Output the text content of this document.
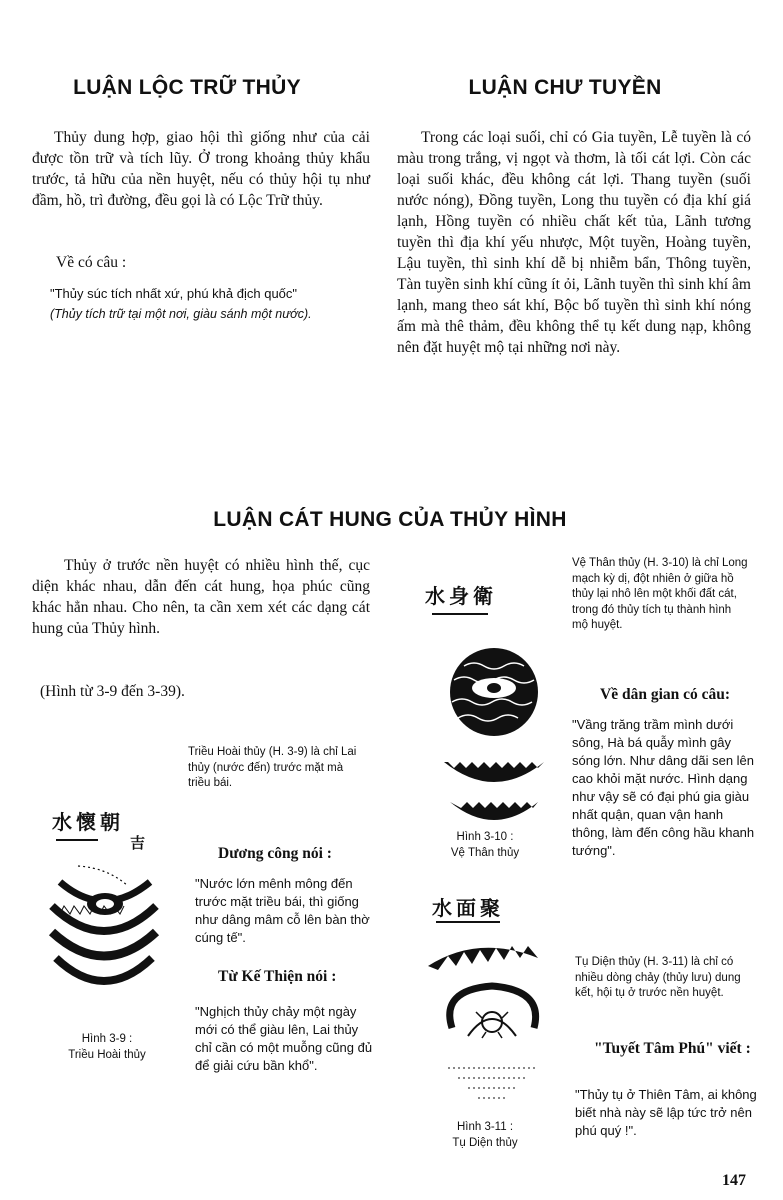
LUẬN LỘC TRỮ THỦY

Thủy dung hợp, giao hội thì giống như của cải được tồn trữ và tích lũy. Ở trong khoảng thủy khẩu trước, tả hữu của nền huyệt, nếu có thủy hội tụ như đầm, hồ, trì đường, đều gọi là có Lộc Trữ thủy.

Về có câu :

"Thủy súc tích nhất xứ, phú khả địch quốc"

(Thủy tích trữ tại một nơi, giàu sánh một nước).

LUẬN CHƯ TUYỀN

Trong các loại suối, chỉ có Gia tuyền, Lễ tuyền là có màu trong trắng, vị ngọt và thơm, là tối cát lợi. Còn các loại suối khác, đều không cát lợi. Thang tuyền (suối nước nóng), Đồng tuyền, Long thu tuyền có địa khí giá lạnh, Hồng tuyền có nhiều chất kết tủa, Lãnh tương tuyền thì địa khí yếu nhược, Một tuyền, Hoàng tuyền, Lậu tuyền, thì sinh khí dễ bị nhiễm bẩn, Thông tuyền, Tàn tuyền sinh khí cũng ít ỏi, Lãnh tuyền thì sinh khí âm lạnh, mang theo sát khí, Bộc bố tuyền thì sinh khí nóng ấm mà thê thảm, đều không thể tụ kết dung nạp, không nên đặt huyệt mộ tại những nơi này.

LUẬN CÁT HUNG CỦA THỦY HÌNH

Thủy ở trước nền huyệt có nhiều hình thế, cục diện khác nhau, dẫn đến cát hung, họa phúc cũng khác hẳn nhau. Cho nên, ta cần xem xét các dạng cát hung của Thủy hình.

(Hình từ 3-9 đến 3-39).

Triều Hoài thủy (H. 3-9) là chỉ Lai thủy (nước đến) trước mặt mà triều bái.

水懷朝
吉
Hình 3-9 :
Triều Hoài thủy

Dương công nói :

"Nước lớn mênh mông đến trước mặt triều bái, thì giống như dâng mâm cỗ lên bàn thờ cúng tế".

Từ Kế Thiện nói :

"Nghịch thủy chảy một ngày mới có thể giàu lên, Lai thủy chỉ cần có một muỗng cũng đủ để giải cứu bần khổ".

水身衛
Hình 3-10 :
Vệ Thân thủy

Vệ Thân thủy (H. 3-10) là chỉ Long mạch kỳ dị, đột nhiên ở giữa hồ thủy lại nhô lên một khối đất cát, trong đó thủy tích tụ thành hình mộ huyệt.

Về dân gian có câu:

"Vầng trăng trầm mình dưới sông, Hà bá quẫy mình gây sóng lớn. Như dâng dãi sen lên cao khỏi mặt nước. Hình dạng như vậy sẽ có đại phú gia giàu nhất quận, quan vận hanh thông, làm đến công hầu khanh tướng".

水面聚
Hình 3-11 :
Tụ Diện thủy

Tụ Diện thủy (H. 3-11) là chỉ có nhiều dòng chảy (thủy lưu) dung kết, hội tụ ở trước nền huyệt.

"Tuyết Tâm Phú" viết :

"Thủy tụ ở Thiên Tâm, ai không biết nhà này sẽ lập tức trở nên phú quý !".

147
